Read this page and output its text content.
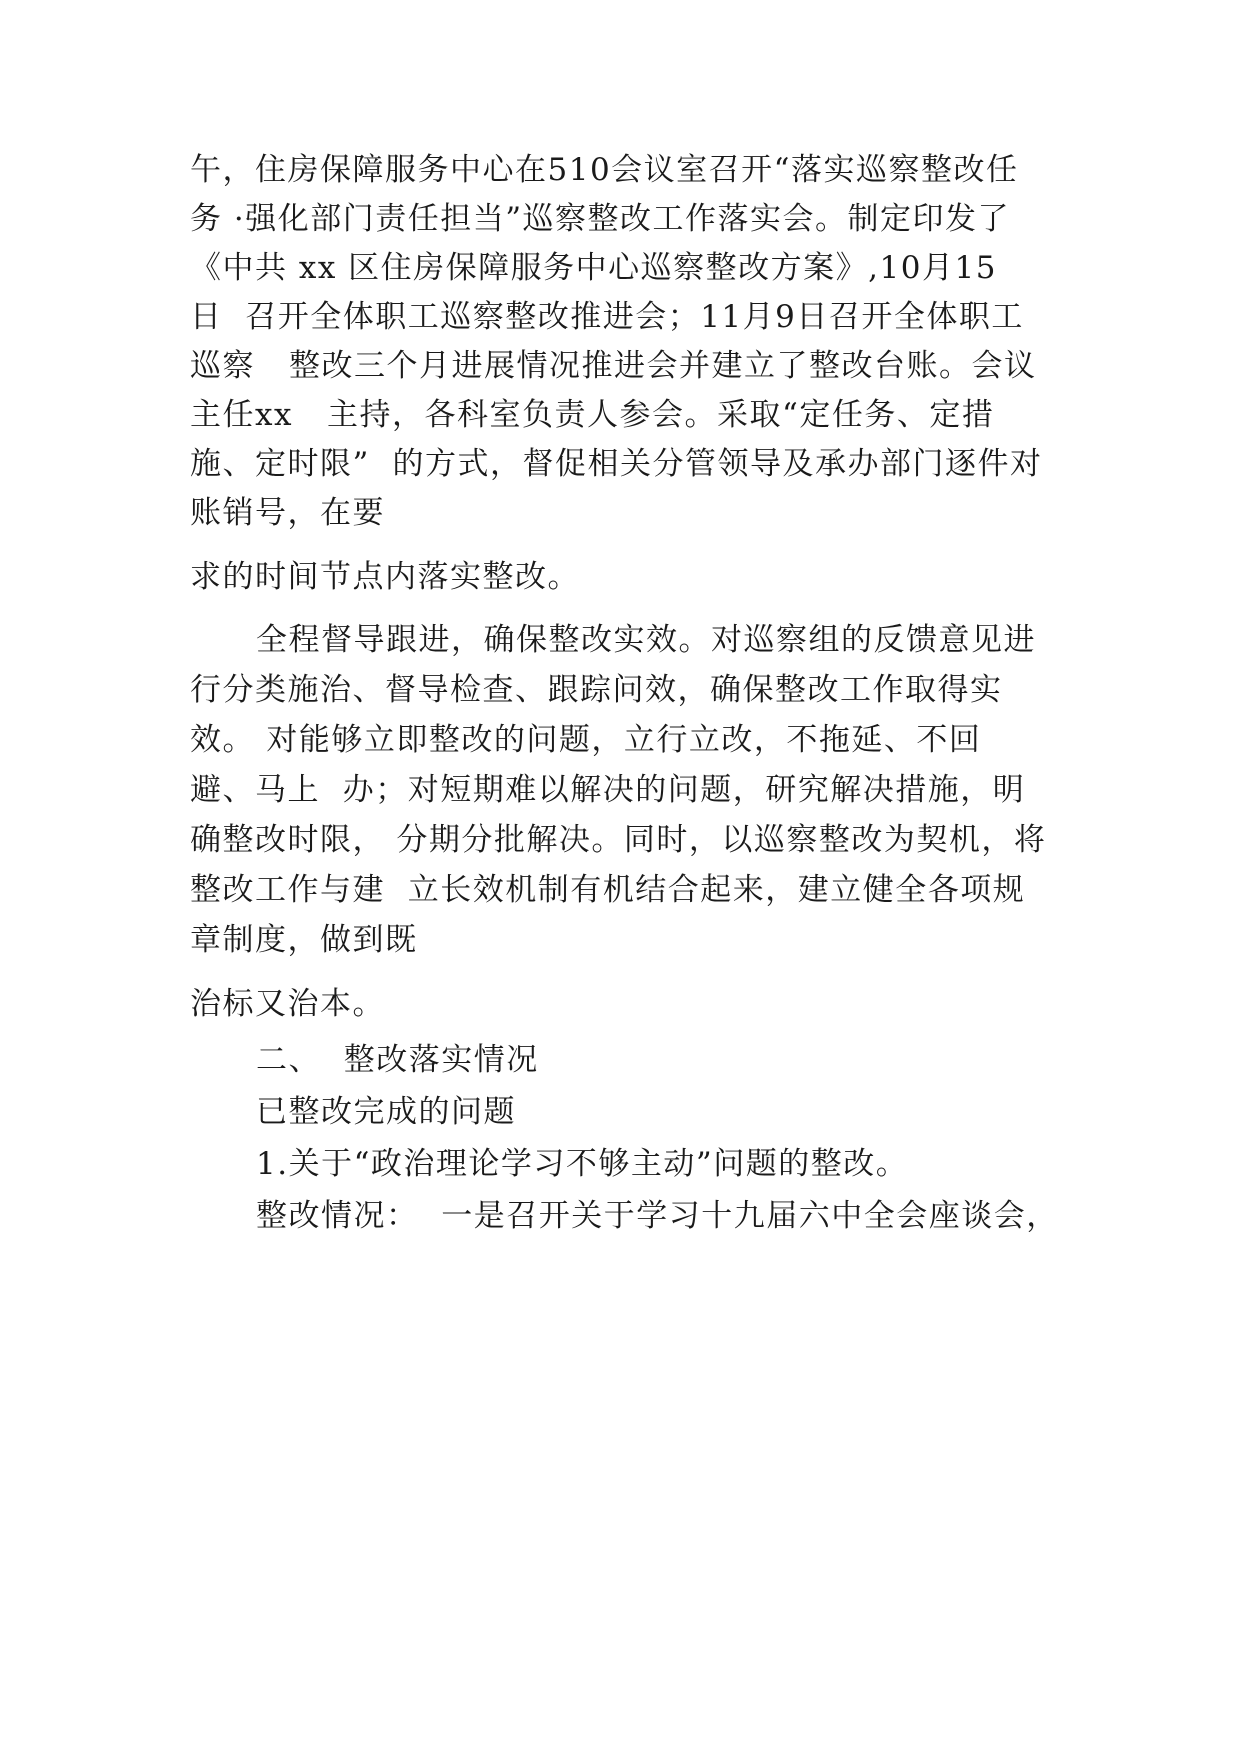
午，住房保障服务中心在510会议室召开“落实巡察整改任

务 ·强化部门责任担当”巡察整改工作落实会。制定印发了

《中共 xx 区住房保障服务中心巡察整改方案》,10月15

日  召开全体职工巡察整改推进会；11月9日召开全体职工

巡察   整改三个月进展情况推进会并建立了整改台账。会议

主任xx   主持，各科室负责人参会。采取“定任务、定措

施、定时限”  的方式，督促相关分管领导及承办部门逐件对

账销号，在要

求的时间节点内落实整改。

全程督导跟进，确保整改实效。对巡察组的反馈意见进

行分类施治、督导检查、跟踪问效，确保整改工作取得实

效。 对能够立即整改的问题，立行立改，不拖延、不回

避、马上  办；对短期难以解决的问题，研究解决措施，明

确整改时限， 分期分批解决。同时，以巡察整改为契机，将

整改工作与建  立长效机制有机结合起来，建立健全各项规

章制度，做到既

治标又治本。

二、  整改落实情况

已整改完成的问题

1.关于“政治理论学习不够主动”问题的整改。

整改情况：  一是召开关于学习十九届六中全会座谈会，
